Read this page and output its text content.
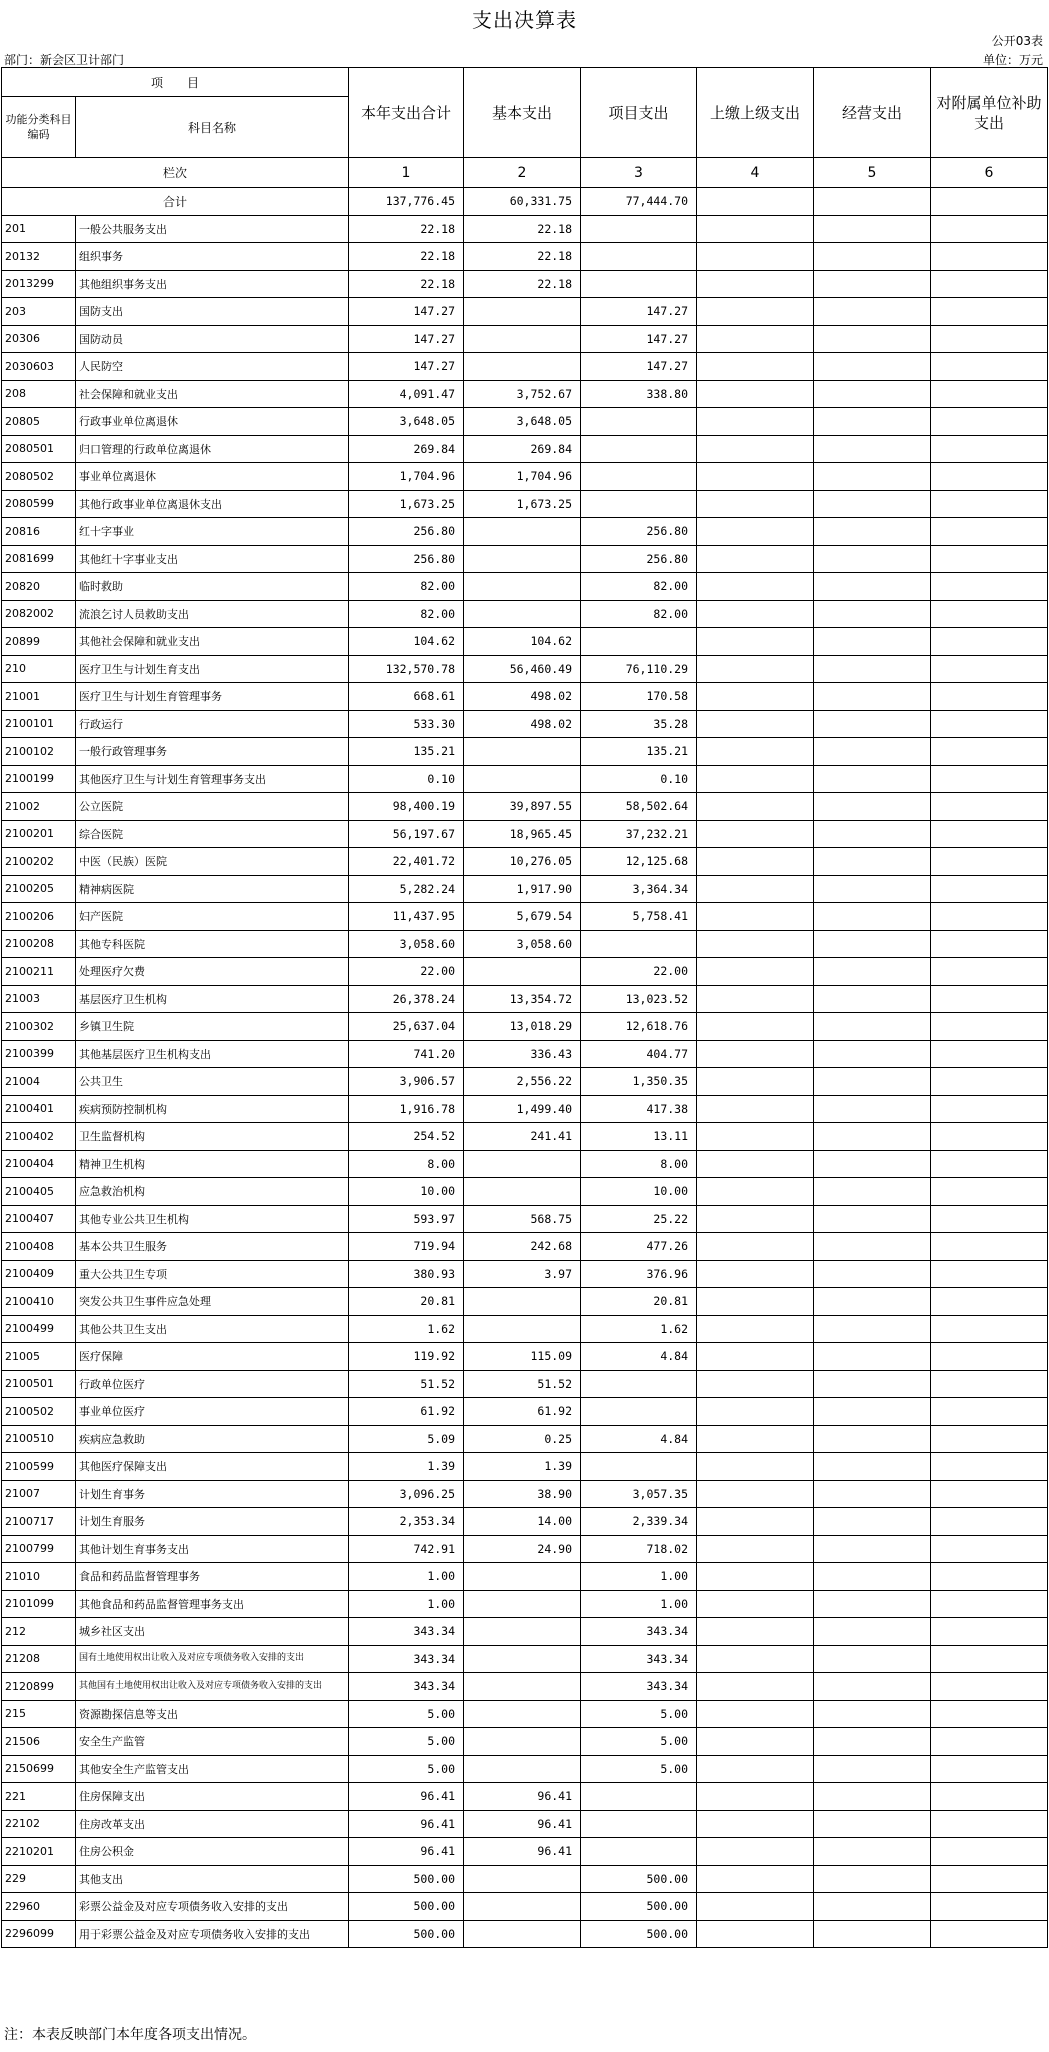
支出决算表
公开03表
部门：新会区卫计部门	单位：万元
项　　目		本年支出合计	基本支出	项目支出	上缴上级支出	经营支出	对附属单位补助支出
功能分类科目编码	科目名称						
栏次		1	2	3	4	5	6
合计		137,776.45	60,331.75	77,444.70			
201	一般公共服务支出	22.18	22.18				
20132	组织事务	22.18	22.18				
2013299	其他组织事务支出	22.18	22.18				
203	国防支出	147.27		147.27			
20306	国防动员	147.27		147.27			
2030603	人民防空	147.27		147.27			
208	社会保障和就业支出	4,091.47	3,752.67	338.80			
20805	行政事业单位离退休	3,648.05	3,648.05				
2080501	归口管理的行政单位离退休	269.84	269.84				
2080502	事业单位离退休	1,704.96	1,704.96				
2080599	其他行政事业单位离退休支出	1,673.25	1,673.25				
20816	红十字事业	256.80		256.80			
2081699	其他红十字事业支出	256.80		256.80			
20820	临时救助	82.00		82.00			
2082002	流浪乞讨人员救助支出	82.00		82.00			
20899	其他社会保障和就业支出	104.62	104.62				
210	医疗卫生与计划生育支出	132,570.78	56,460.49	76,110.29			
21001	医疗卫生与计划生育管理事务	668.61	498.02	170.58			
2100101	行政运行	533.30	498.02	35.28			
2100102	一般行政管理事务	135.21		135.21			
2100199	其他医疗卫生与计划生育管理事务支出	0.10		0.10			
21002	公立医院	98,400.19	39,897.55	58,502.64			
2100201	综合医院	56,197.67	18,965.45	37,232.21			
2100202	中医（民族）医院	22,401.72	10,276.05	12,125.68			
2100205	精神病医院	5,282.24	1,917.90	3,364.34			
2100206	妇产医院	11,437.95	5,679.54	5,758.41			
2100208	其他专科医院	3,058.60	3,058.60				
2100211	处理医疗欠费	22.00		22.00			
21003	基层医疗卫生机构	26,378.24	13,354.72	13,023.52			
2100302	乡镇卫生院	25,637.04	13,018.29	12,618.76			
2100399	其他基层医疗卫生机构支出	741.20	336.43	404.77			
21004	公共卫生	3,906.57	2,556.22	1,350.35			
2100401	疾病预防控制机构	1,916.78	1,499.40	417.38			
2100402	卫生监督机构	254.52	241.41	13.11			
2100404	精神卫生机构	8.00		8.00			
2100405	应急救治机构	10.00		10.00			
2100407	其他专业公共卫生机构	593.97	568.75	25.22			
2100408	基本公共卫生服务	719.94	242.68	477.26			
2100409	重大公共卫生专项	380.93	3.97	376.96			
2100410	突发公共卫生事件应急处理	20.81		20.81			
2100499	其他公共卫生支出	1.62		1.62			
21005	医疗保障	119.92	115.09	4.84			
2100501	行政单位医疗	51.52	51.52				
2100502	事业单位医疗	61.92	61.92				
2100510	疾病应急救助	5.09	0.25	4.84			
2100599	其他医疗保障支出	1.39	1.39				
21007	计划生育事务	3,096.25	38.90	3,057.35			
2100717	计划生育服务	2,353.34	14.00	2,339.34			
2100799	其他计划生育事务支出	742.91	24.90	718.02			
21010	食品和药品监督管理事务	1.00		1.00			
2101099	其他食品和药品监督管理事务支出	1.00		1.00			
212	城乡社区支出	343.34		343.34			
21208	国有土地使用权出让收入及对应专项债务收入安排的支出	343.34		343.34			
2120899	其他国有土地使用权出让收入及对应专项债务收入安排的支出	343.34		343.34			
215	资源勘探信息等支出	5.00		5.00			
21506	安全生产监管	5.00		5.00			
2150699	其他安全生产监管支出	5.00		5.00			
221	住房保障支出	96.41	96.41				
22102	住房改革支出	96.41	96.41				
2210201	住房公积金	96.41	96.41				
229	其他支出	500.00		500.00			
22960	彩票公益金及对应专项债务收入安排的支出	500.00		500.00			
2296099	用于彩票公益金及对应专项债务收入安排的支出	500.00		500.00			
注：本表反映部门本年度各项支出情况。
